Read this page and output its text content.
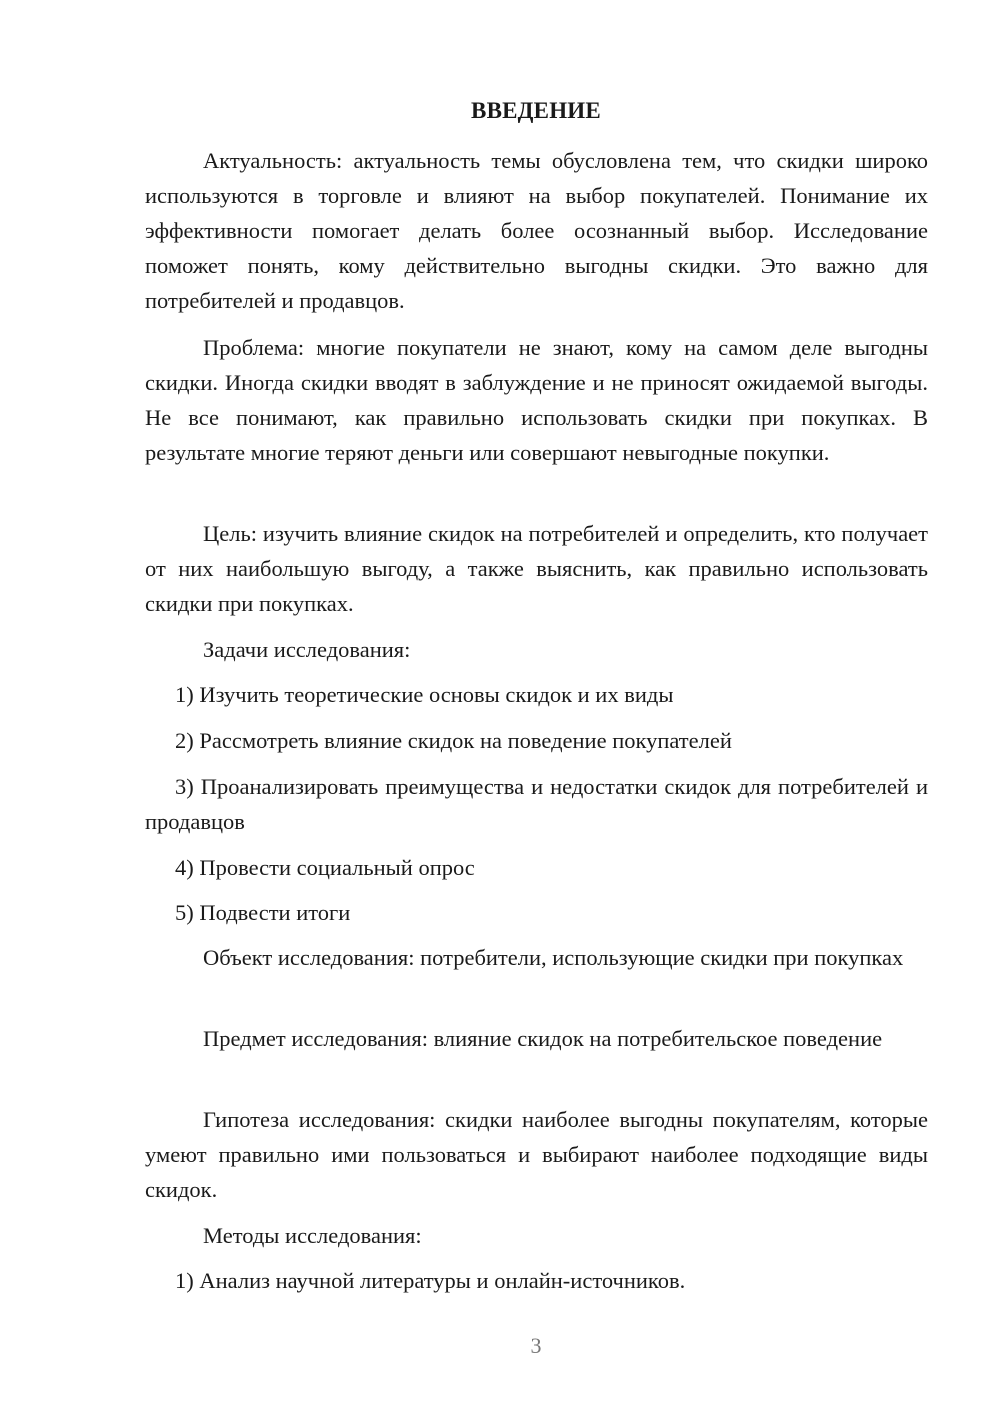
ВВЕДЕНИЕ

Актуальность: актуальность темы обусловлена тем, что скидки широко используются в торговле и влияют на выбор покупателей. Понимание их эффективности помогает делать более осознанный выбор. Исследование поможет понять, кому действительно выгодны скидки. Это важно для потребителей и продавцов.

Проблема: многие покупатели не знают, кому на самом деле выгодны скидки. Иногда скидки вводят в заблуждение и не приносят ожидаемой выгоды. Не все понимают, как правильно использовать скидки при покупках. В результате многие теряют деньги или совершают невыгодные покупки.

Цель: изучить влияние скидок на потребителей и определить, кто получает от них наибольшую выгоду, а также выяснить, как правильно использовать скидки при покупках.

Задачи исследования:

1) Изучить теоретические основы скидок и их виды

2) Рассмотреть влияние скидок на поведение покупателей

3) Проанализировать преимущества и недостатки скидок для потребителей и продавцов

4) Провести социальный опрос

5) Подвести итоги

Объект исследования: потребители, использующие скидки при покупках

Предмет исследования: влияние скидок на потребительское поведение

Гипотеза исследования: скидки наиболее выгодны покупателям, которые умеют правильно ими пользоваться и выбирают наиболее подходящие виды скидок.

Методы исследования:

1) Анализ научной литературы и онлайн-источников.

3
